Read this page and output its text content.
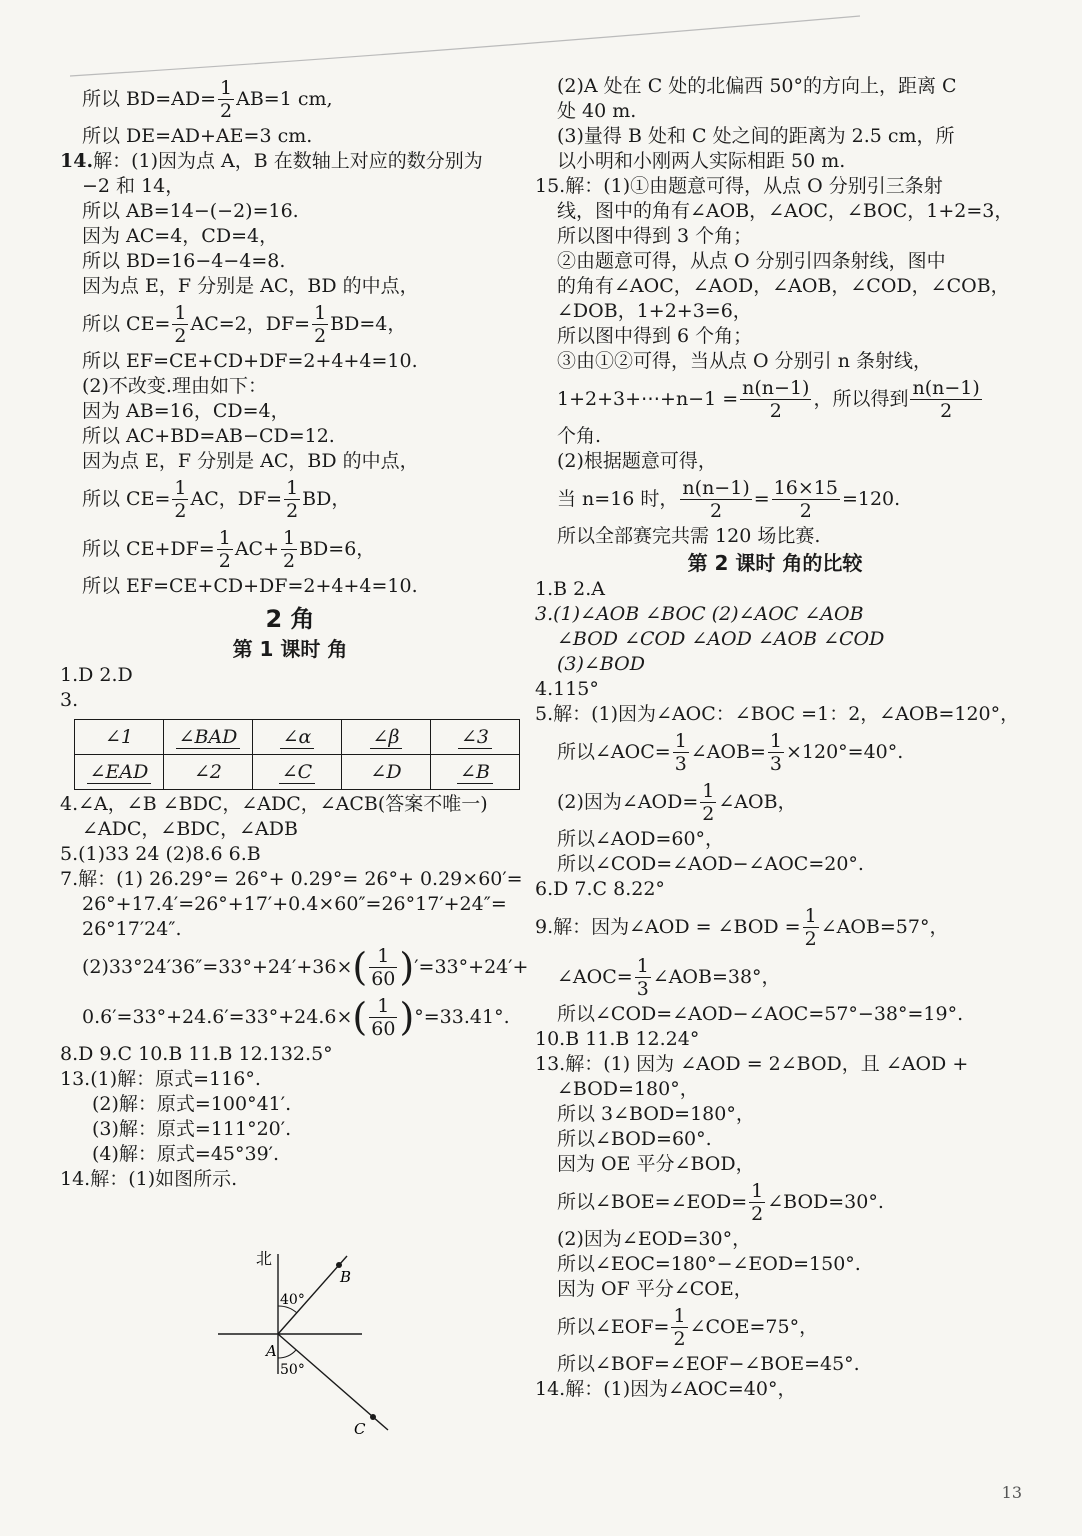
所以 $BD=AD= \frac{1}{2} AB=1$ cm,
所以 DE=AD+AE=3 cm.
14.解：(1)因为点 A，B 在数轴上对应的数分别为
−2 和 14，
所以 AB=14−(−2)=16.
因为 AC=4，CD=4，
所以 BD=16−4−4=8.
因为点 E，F 分别是 AC，BD 的中点，
所以 $CE= \frac{1}{2} AC=2$，$DF= \frac{1}{2} BD=4$，
所以 EF=CE+CD+DF=2+4+4=10.
(2)不改变.理由如下：
因为 AB=16，CD=4，
所以 AC+BD=AB−CD=12.
因为点 E，F 分别是 AC，BD 的中点，
所以 $CE= \frac{1}{2}$ AC，$DF= \frac{1}{2}$ BD，
所以 $CE+DF= \frac{1}{2} AC+ \frac{1}{2} BD=6$，
所以 EF=CE+CD+DF=2+4+4=10.
2 角
第 1 课时 角
1.D 2.D
3.
∠1	∠BAD	∠α	∠β	∠3
∠EAD	∠2	∠C	∠D	∠B
4.∠A，∠B ∠BDC，∠ADC，∠ACB(答案不唯一)
∠ADC，∠BDC，∠ADB
5.(1)33 24 (2)8.6 6.B
7.解：(1) 26.29°= 26°+ 0.29°= 26°+ 0.29×60′=
26°+17.4′=26°+17′+0.4×60″=26°17′+24″=
26°17′24″.
(2)33°24′36″=33°+24′+36× ( $\frac{1}{60}$ ) ′=33°+24′+
0.6′=33°+24.6′=33°+24.6× ( $\frac{1}{60}$ ) °=33.41°.
8.D 9.C 10.B 11.B 12.132.5°
13.(1)解：原式=116°.
(2)解：原式=100°41′.
(3)解：原式=111°20′.
(4)解：原式=45°39′.
14.解：(1)如图所示.
北
B
A
C
40°
50°
(2)A 处在 C 处的北偏西 50°的方向上，距离 C
处 40 m.
(3)量得 B 处和 C 处之间的距离为 2.5 cm，所
以小明和小刚两人实际相距 50 m.
15.解：(1)①由题意可得，从点 O 分别引三条射
线，图中的角有∠AOB，∠AOC，∠BOC，1+2=3，
所以图中得到 3 个角；
②由题意可得，从点 O 分别引四条射线，图中
的角有∠AOC，∠AOD，∠AOB，∠COD，∠COB，
∠DOB，1+2+3=6，
所以图中得到 6 个角；
③由①②可得，当从点 O 分别引 n 条射线，
1+2+3+⋯+n−1 = $\frac{n(n-1)}{2}$ ，所以得到 $\frac{n(n-1)}{2}$
个角.
(2)根据题意可得，
当 n=16 时， $\frac{n(n-1)}{2} = \frac{16\times 15}{2} =120$.
所以全部赛完共需 120 场比赛.
第 2 课时 角的比较
1.B 2.A
3.(1)∠AOB ∠BOC (2)∠AOC ∠AOB
∠BOD ∠COD ∠AOD ∠AOB ∠COD
(3)∠BOD
4.115°
5.解：(1)因为∠AOC：∠BOC =1：2，∠AOB=120°，
所以∠AOC= $\frac{1}{3}$ ∠AOB= $\frac{1}{3} \times 120^\circ=40^\circ$.
(2)因为∠AOD= $\frac{1}{2}$ ∠AOB，
所以∠AOD=60°，
所以∠COD=∠AOD−∠AOC=20°.
6.D 7.C 8.22°
9.解：因为∠AOD = ∠BOD = $\frac{1}{2}$ ∠AOB=57°，
∠AOC= $\frac{1}{3}$ ∠AOB=38°，
所以∠COD=∠AOD−∠AOC=57°−38°=19°.
10.B 11.B 12.24°
13.解：(1) 因为 ∠AOD = 2∠BOD，且 ∠AOD +
∠BOD=180°，
所以 3∠BOD=180°，
所以∠BOD=60°.
因为 OE 平分∠BOD，
所以∠BOE=∠EOD= $\frac{1}{2}$ ∠BOD=30°.
(2)因为∠EOD=30°，
所以∠EOC=180°−∠EOD=150°.
因为 OF 平分∠COE，
所以∠EOF= $\frac{1}{2}$ ∠COE=75°，
所以∠BOF=∠EOF−∠BOE=45°.
14.解：(1)因为∠AOC=40°，
13
